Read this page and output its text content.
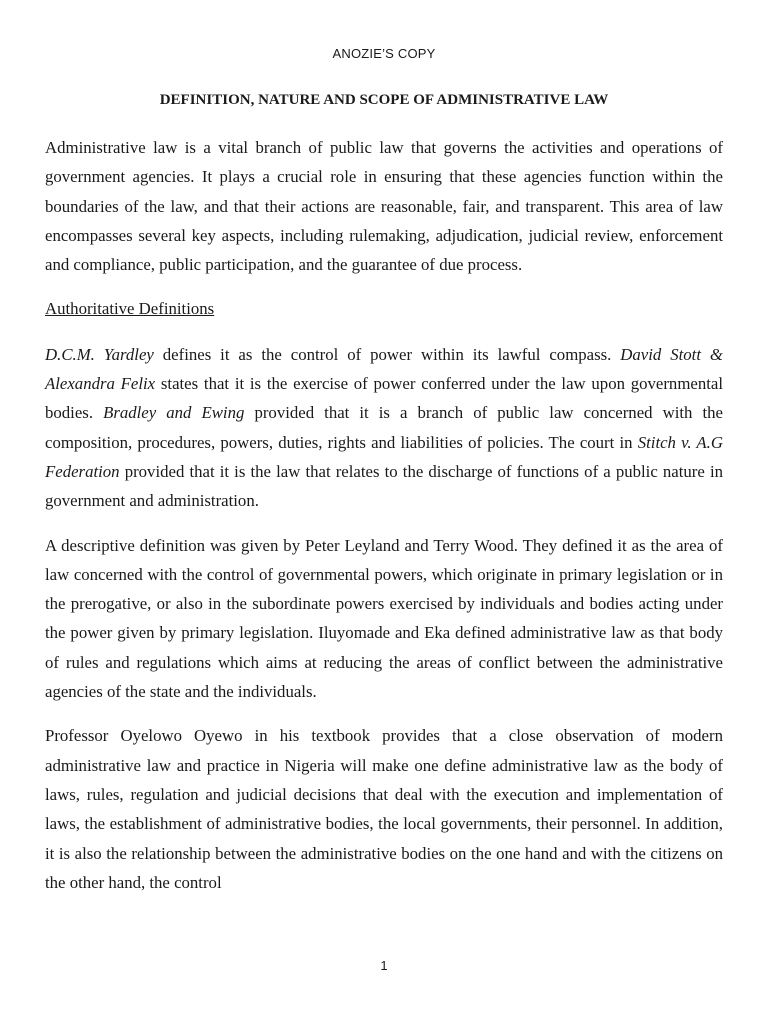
ANOZIE’S COPY
DEFINITION, NATURE AND SCOPE OF ADMINISTRATIVE LAW

Administrative law is a vital branch of public law that governs the activities and operations of government agencies. It plays a crucial role in ensuring that these agencies function within the boundaries of the law, and that their actions are reasonable, fair, and transparent. This area of law encompasses several key aspects, including rulemaking, adjudication, judicial review, enforcement and compliance, public participation, and the guarantee of due process.

Authoritative Definitions

D.C.M. Yardley defines it as the control of power within its lawful compass. David Stott & Alexandra Felix states that it is the exercise of power conferred under the law upon governmental bodies. Bradley and Ewing provided that it is a branch of public law concerned with the composition, procedures, powers, duties, rights and liabilities of policies. The court in Stitch v. A.G Federation provided that it is the law that relates to the discharge of functions of a public nature in government and administration.

A descriptive definition was given by Peter Leyland and Terry Wood. They defined it as the area of law concerned with the control of governmental powers, which originate in primary legislation or in the prerogative, or also in the subordinate powers exercised by individuals and bodies acting under the power given by primary legislation. Iluyomade and Eka defined administrative law as that body of rules and regulations which aims at reducing the areas of conflict between the administrative agencies of the state and the individuals.

Professor Oyelowo Oyewo in his textbook provides that a close observation of modern administrative law and practice in Nigeria will make one define administrative law as the body of laws, rules, regulation and judicial decisions that deal with the execution and implementation of laws, the establishment of administrative bodies, the local governments, their personnel. In addition, it is also the relationship between the administrative bodies on the one hand and with the citizens on the other hand, the control

1
